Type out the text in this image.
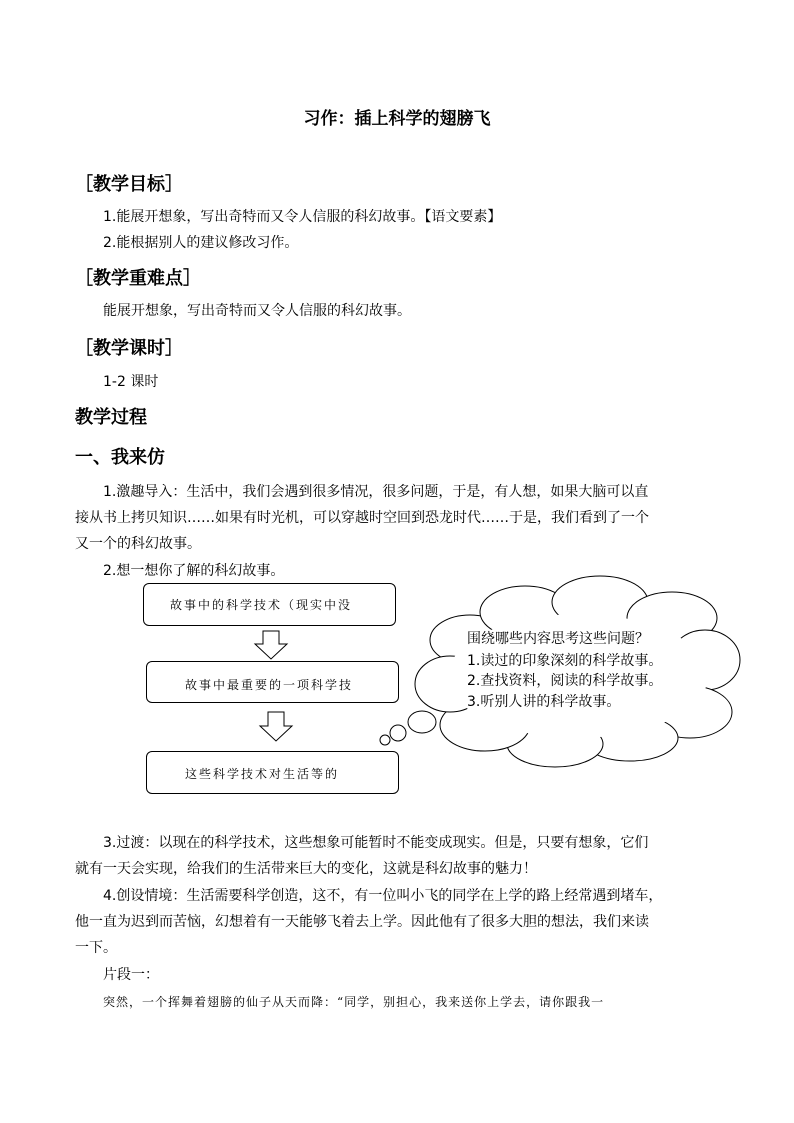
习作：插上科学的翅膀飞
［教学目标］
1.能展开想象，写出奇特而又令人信服的科幻故事。【语文要素】
2.能根据别人的建议修改习作。
［教学重难点］
能展开想象，写出奇特而又令人信服的科幻故事。
［教学课时］
1-2 课时
教学过程
一、我来仿
1.激趣导入：生活中，我们会遇到很多情况，很多问题，于是，有人想，如果大脑可以直
接从书上拷贝知识……如果有时光机，可以穿越时空回到恐龙时代……于是，我们看到了一个
又一个的科幻故事。
2.想一想你了解的科幻故事。
故事中的科学技术（现实中没
故事中最重要的一项科学技
这些科学技术对生活等的
围绕哪些内容思考这些问题？
1.读过的印象深刻的科学故事。
2.查找资料，阅读的科学故事。
3.听别人讲的科学故事。
3.过渡：以现在的科学技术，这些想象可能暂时不能变成现实。但是，只要有想象，它们
就有一天会实现，给我们的生活带来巨大的变化，这就是科幻故事的魅力！
4.创设情境：生活需要科学创造，这不，有一位叫小飞的同学在上学的路上经常遇到堵车，
他一直为迟到而苦恼，幻想着有一天能够飞着去上学。因此他有了很多大胆的想法，我们来读
一下。
片段一：
突然，一个挥舞着翅膀的仙子从天而降：“同学，别担心，我来送你上学去，请你跟我一
